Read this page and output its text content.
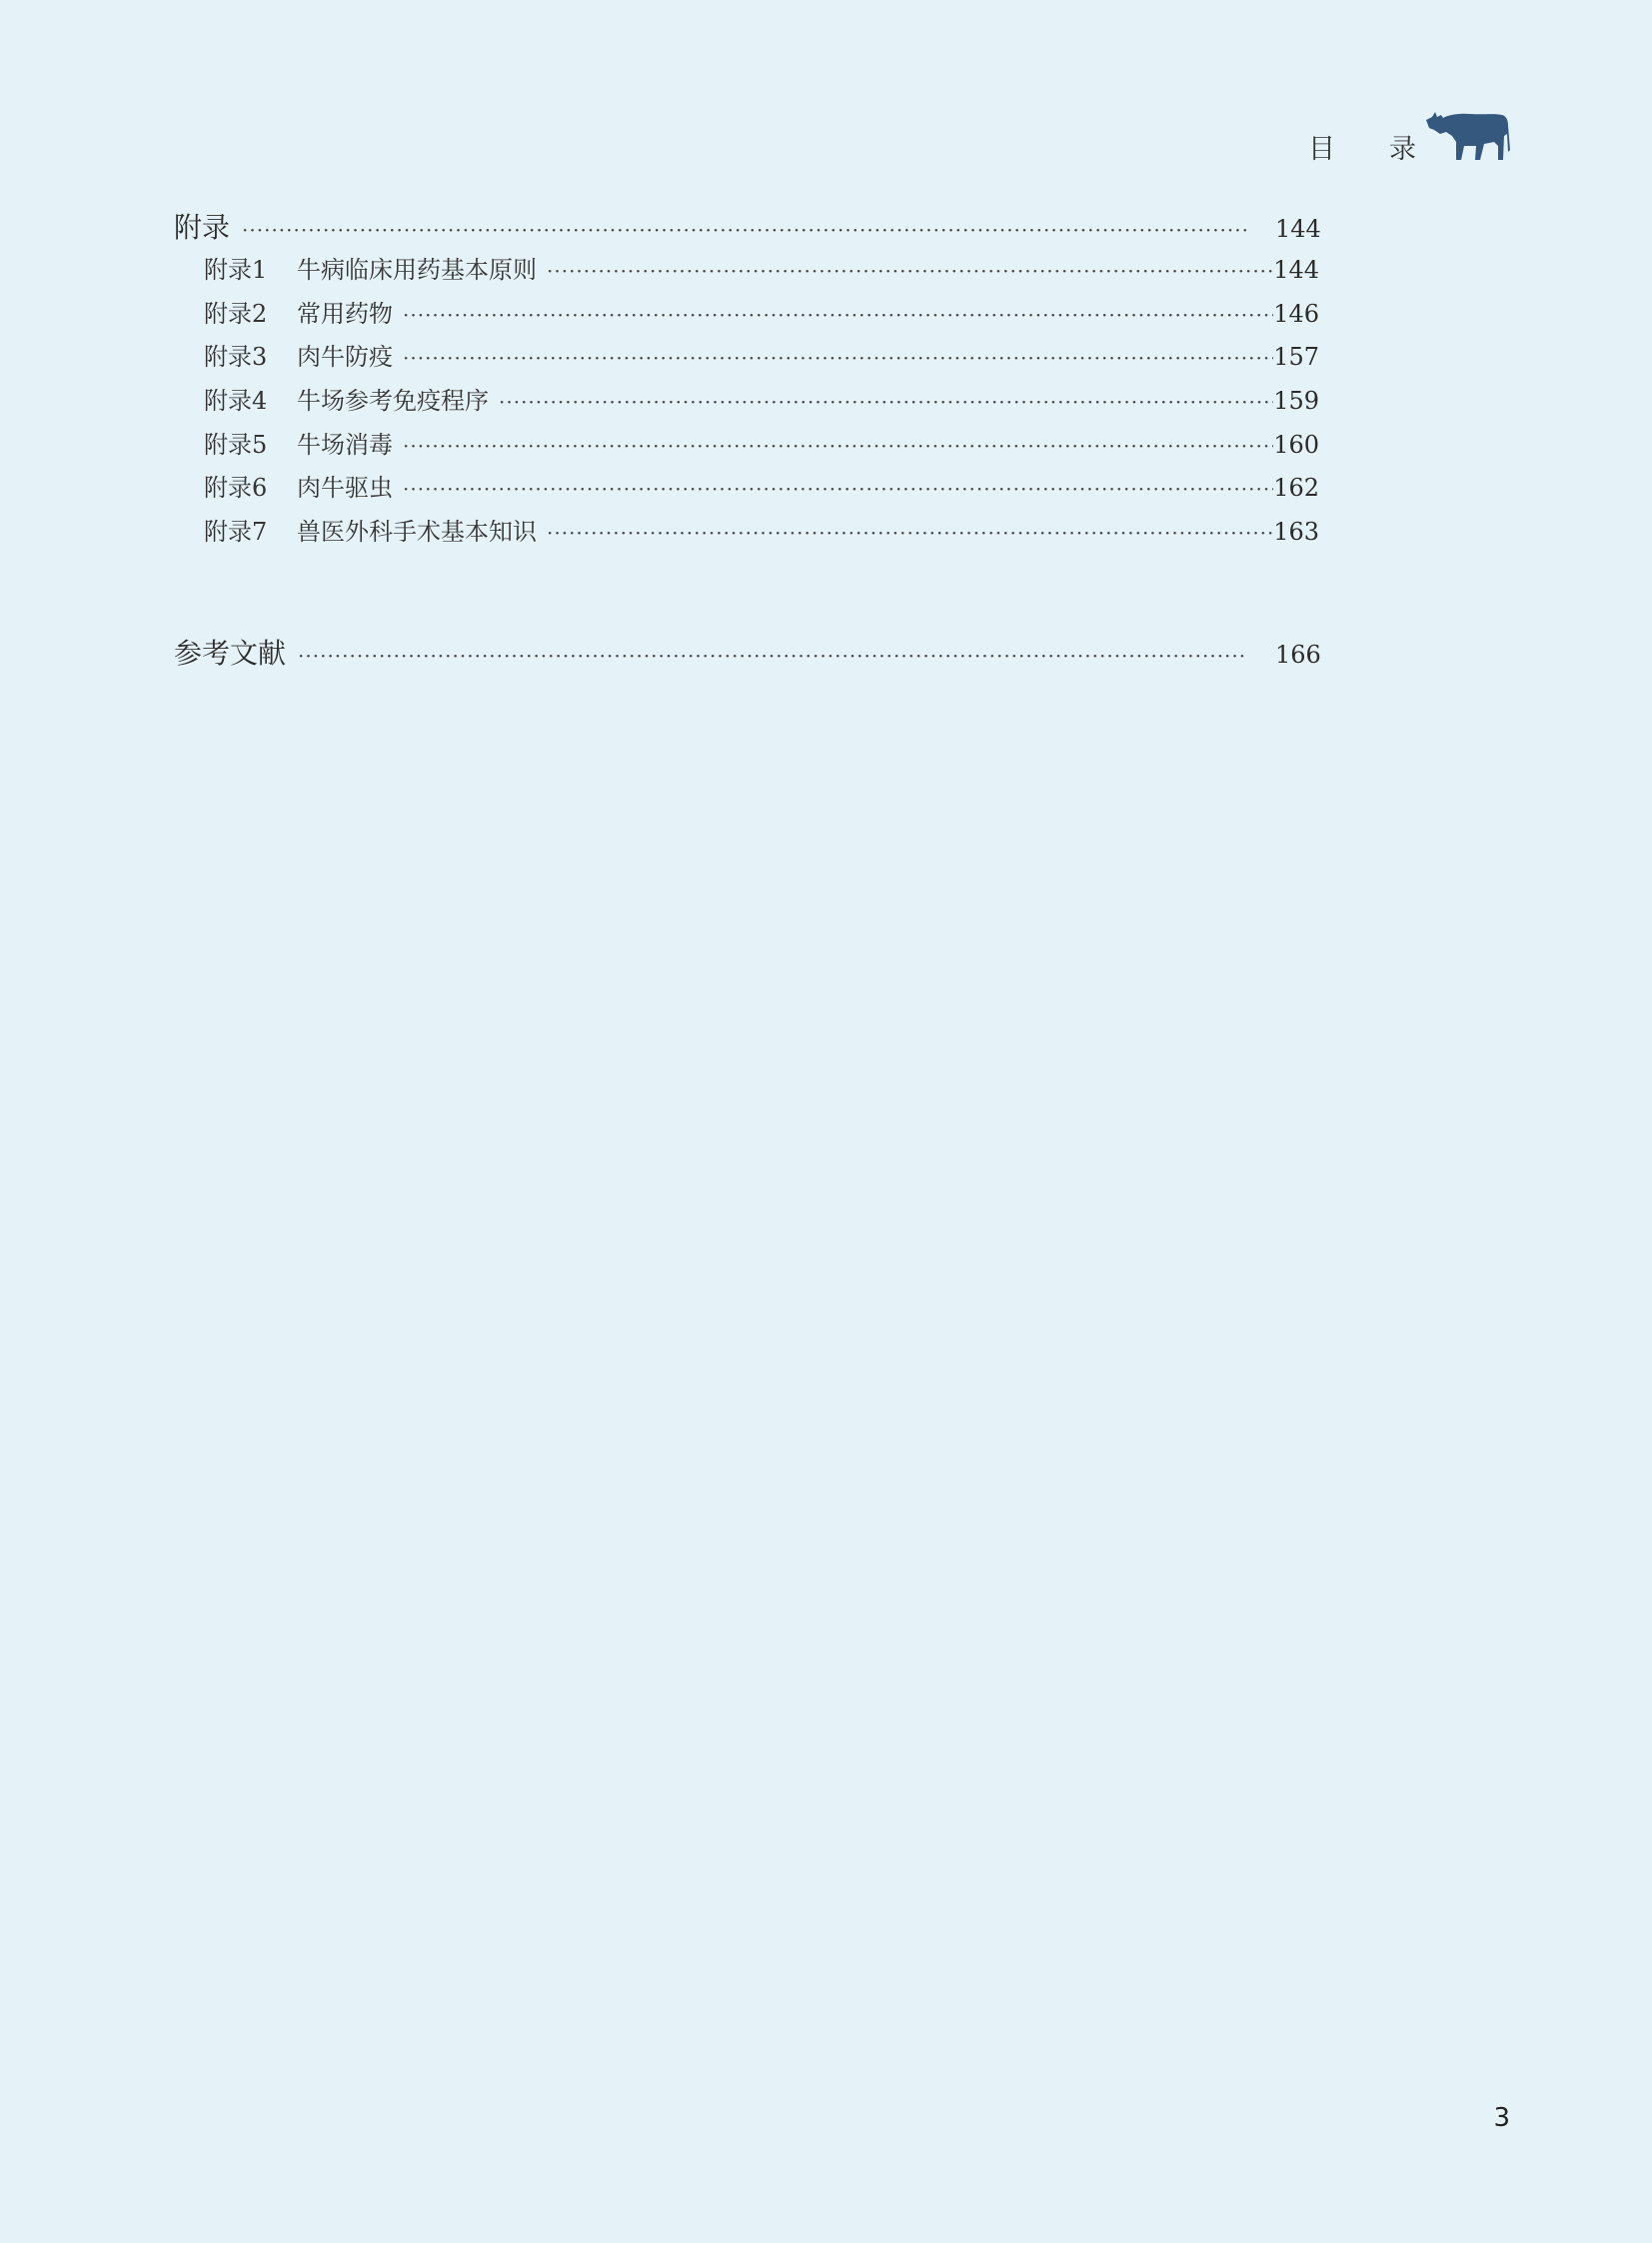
目录
附录 ·····	144
附录1	牛病临床用药基本原则 ·····	144
附录2	常用药物 ·····	146
附录3	肉牛防疫 ·····	157
附录4	牛场参考免疫程序 ·····	159
附录5	牛场消毒 ·····	160
附录6	肉牛驱虫 ·····	162
附录7	兽医外科手术基本知识 ·····	163
参考文献 ·····	166
3
